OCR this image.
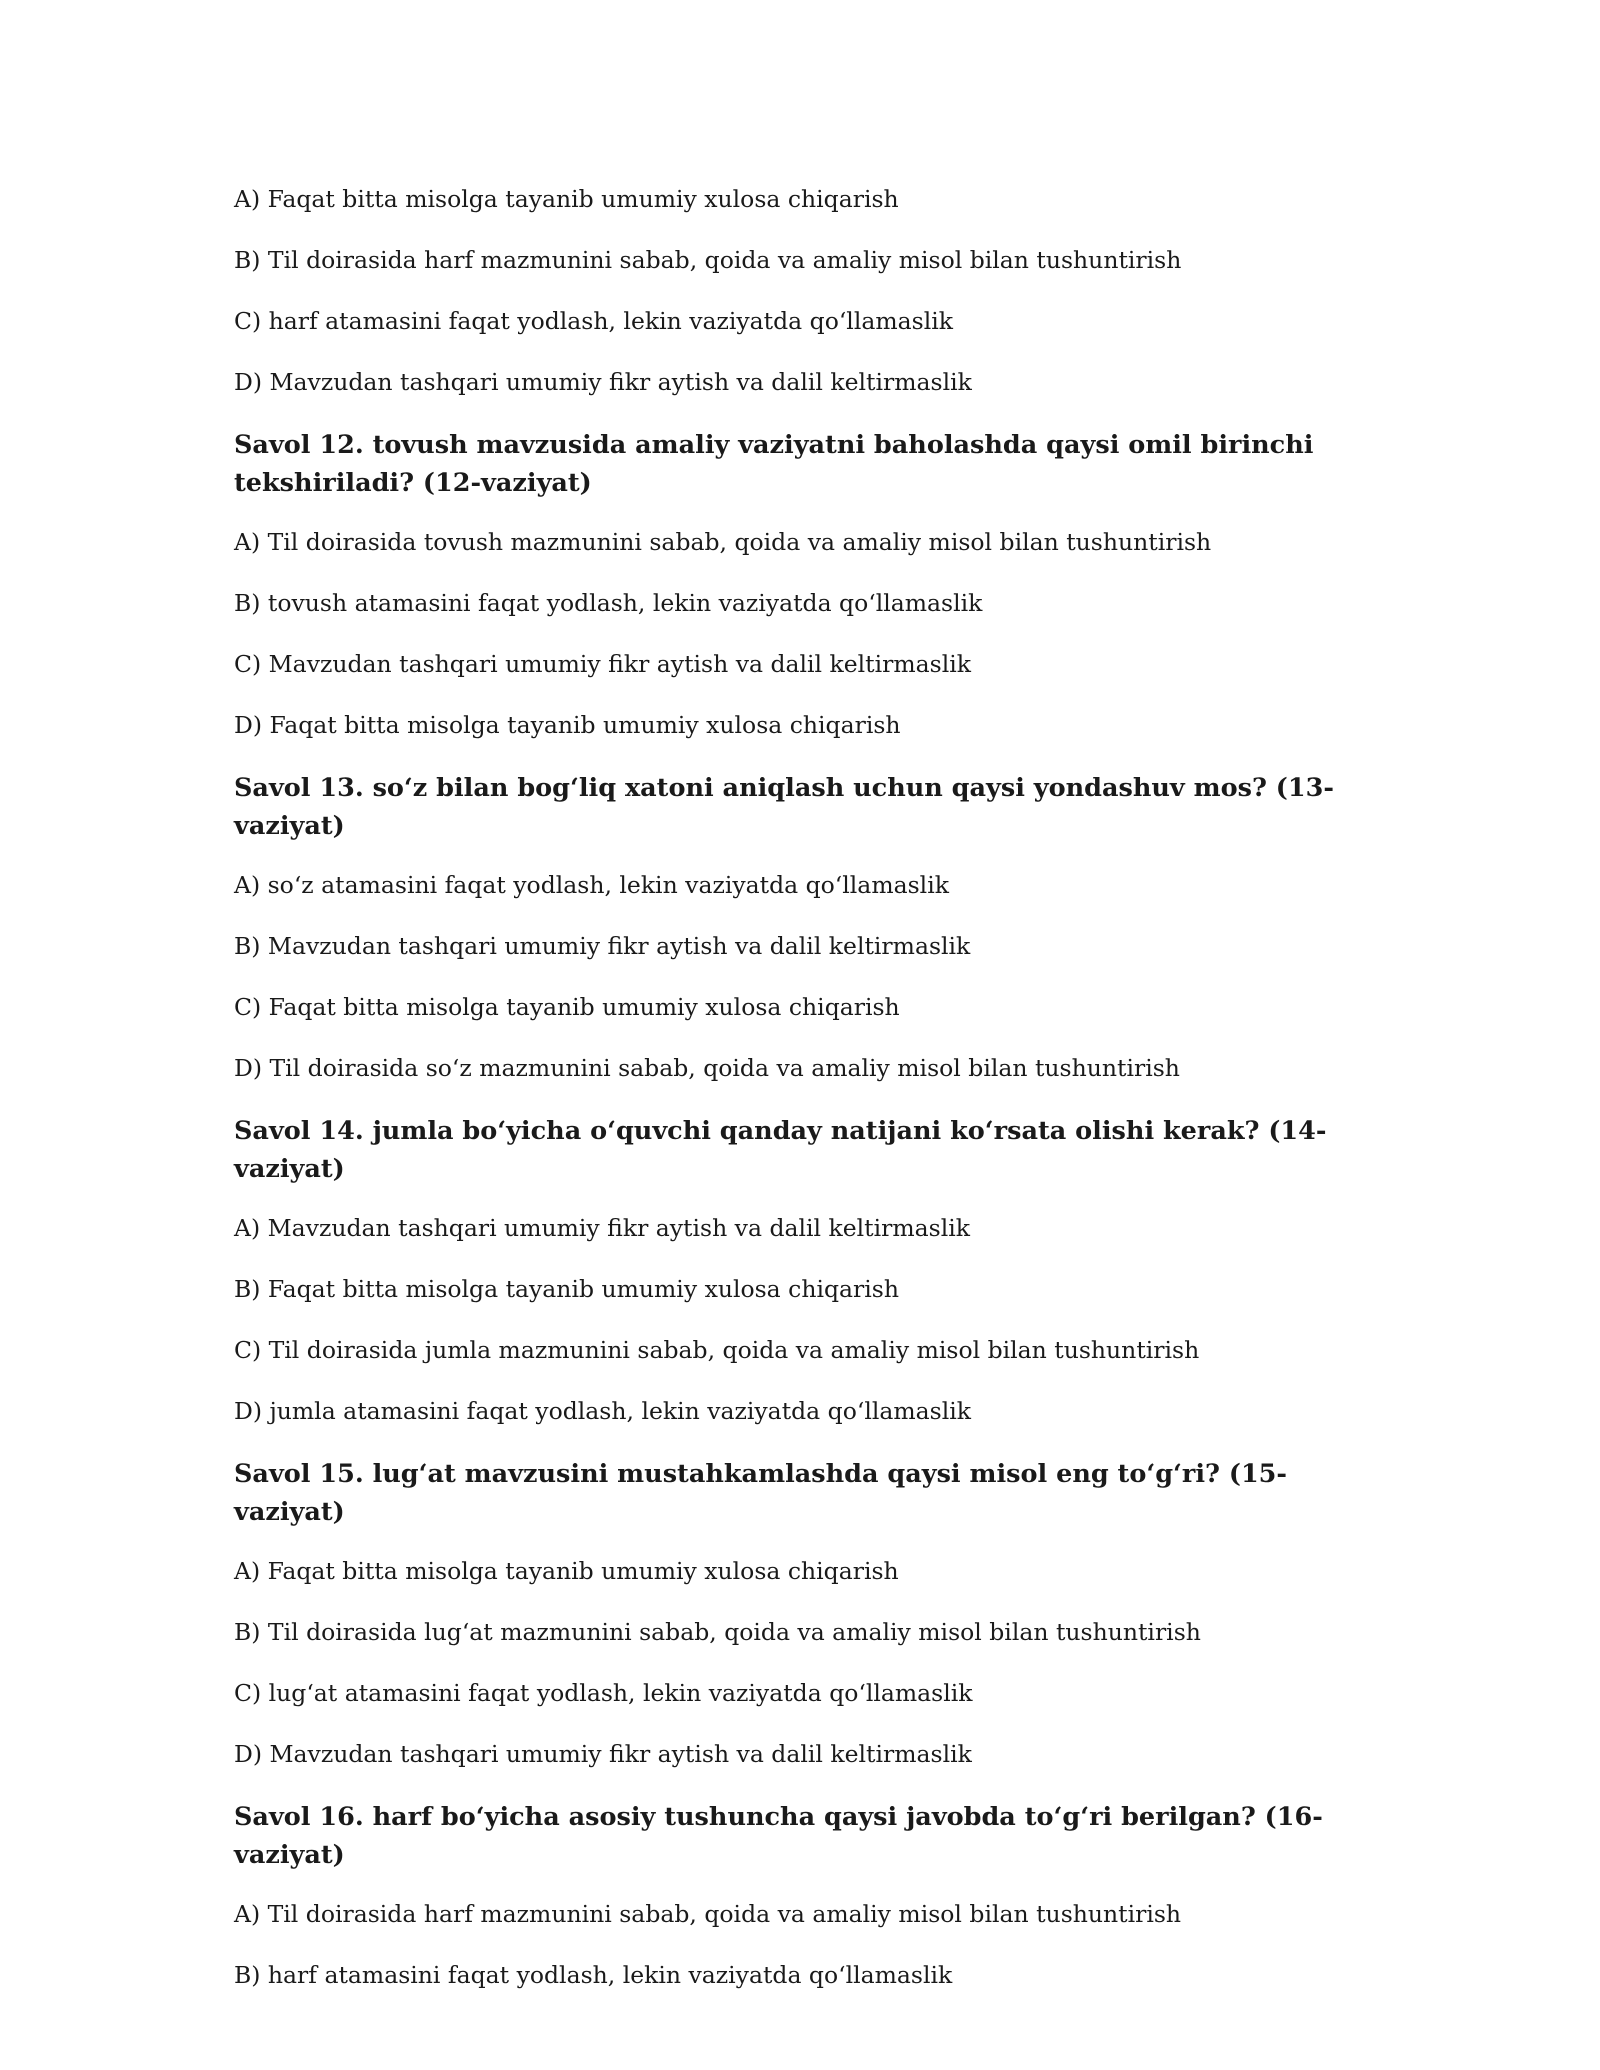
A) Faqat bitta misolga tayanib umumiy xulosa chiqarish

B) Til doirasida harf mazmunini sabab, qoida va amaliy misol bilan tushuntirish

C) harf atamasini faqat yodlash, lekin vaziyatda qo‘llamaslik

D) Mavzudan tashqari umumiy fikr aytish va dalil keltirmaslik

Savol 12. tovush mavzusida amaliy vaziyatni baholashda qaysi omil birinchi tekshiriladi? (12-vaziyat)

A) Til doirasida tovush mazmunini sabab, qoida va amaliy misol bilan tushuntirish

B) tovush atamasini faqat yodlash, lekin vaziyatda qo‘llamaslik

C) Mavzudan tashqari umumiy fikr aytish va dalil keltirmaslik

D) Faqat bitta misolga tayanib umumiy xulosa chiqarish

Savol 13. so‘z bilan bog‘liq xatoni aniqlash uchun qaysi yondashuv mos? (13-vaziyat)

A) so‘z atamasini faqat yodlash, lekin vaziyatda qo‘llamaslik

B) Mavzudan tashqari umumiy fikr aytish va dalil keltirmaslik

C) Faqat bitta misolga tayanib umumiy xulosa chiqarish

D) Til doirasida so‘z mazmunini sabab, qoida va amaliy misol bilan tushuntirish

Savol 14. jumla bo‘yicha o‘quvchi qanday natijani ko‘rsata olishi kerak? (14-vaziyat)

A) Mavzudan tashqari umumiy fikr aytish va dalil keltirmaslik

B) Faqat bitta misolga tayanib umumiy xulosa chiqarish

C) Til doirasida jumla mazmunini sabab, qoida va amaliy misol bilan tushuntirish

D) jumla atamasini faqat yodlash, lekin vaziyatda qo‘llamaslik

Savol 15. lug‘at mavzusini mustahkamlashda qaysi misol eng to‘g‘ri? (15-vaziyat)

A) Faqat bitta misolga tayanib umumiy xulosa chiqarish

B) Til doirasida lug‘at mazmunini sabab, qoida va amaliy misol bilan tushuntirish

C) lug‘at atamasini faqat yodlash, lekin vaziyatda qo‘llamaslik

D) Mavzudan tashqari umumiy fikr aytish va dalil keltirmaslik

Savol 16. harf bo‘yicha asosiy tushuncha qaysi javobda to‘g‘ri berilgan? (16-vaziyat)

A) Til doirasida harf mazmunini sabab, qoida va amaliy misol bilan tushuntirish

B) harf atamasini faqat yodlash, lekin vaziyatda qo‘llamaslik
